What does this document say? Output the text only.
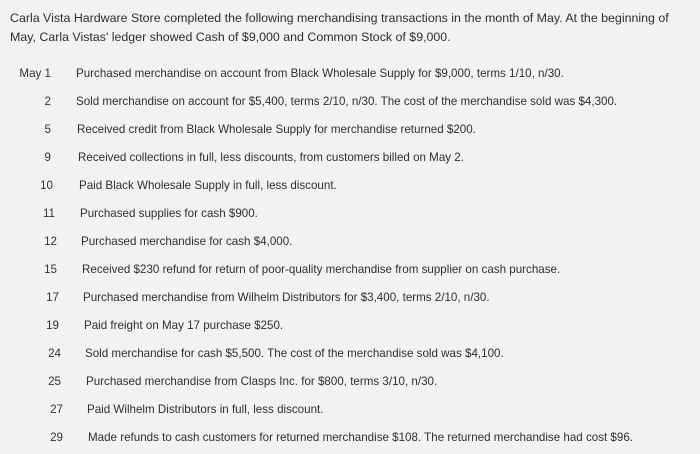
Carla Vista Hardware Store completed the following merchandising transactions in the month of May. At the beginning of May, Carla Vistas' ledger showed Cash of $9,000 and Common Stock of $9,000.
May 1 Purchased merchandise on account from Black Wholesale Supply for $9,000, terms 1/10, n/30.
2 Sold merchandise on account for $5,400, terms 2/10, n/30. The cost of the merchandise sold was $4,300.
5 Received credit from Black Wholesale Supply for merchandise returned $200.
9 Received collections in full, less discounts, from customers billed on May 2.
10 Paid Black Wholesale Supply in full, less discount.
11 Purchased supplies for cash $900.
12 Purchased merchandise for cash $4,000.
15 Received $230 refund for return of poor-quality merchandise from supplier on cash purchase.
17 Purchased merchandise from Wilhelm Distributors for $3,400, terms 2/10, n/30.
19 Paid freight on May 17 purchase $250.
24 Sold merchandise for cash $5,500. The cost of the merchandise sold was $4,100.
25 Purchased merchandise from Clasps Inc. for $800, terms 3/10, n/30.
27 Paid Wilhelm Distributors in full, less discount.
29 Made refunds to cash customers for returned merchandise $108. The returned merchandise had cost $96.
